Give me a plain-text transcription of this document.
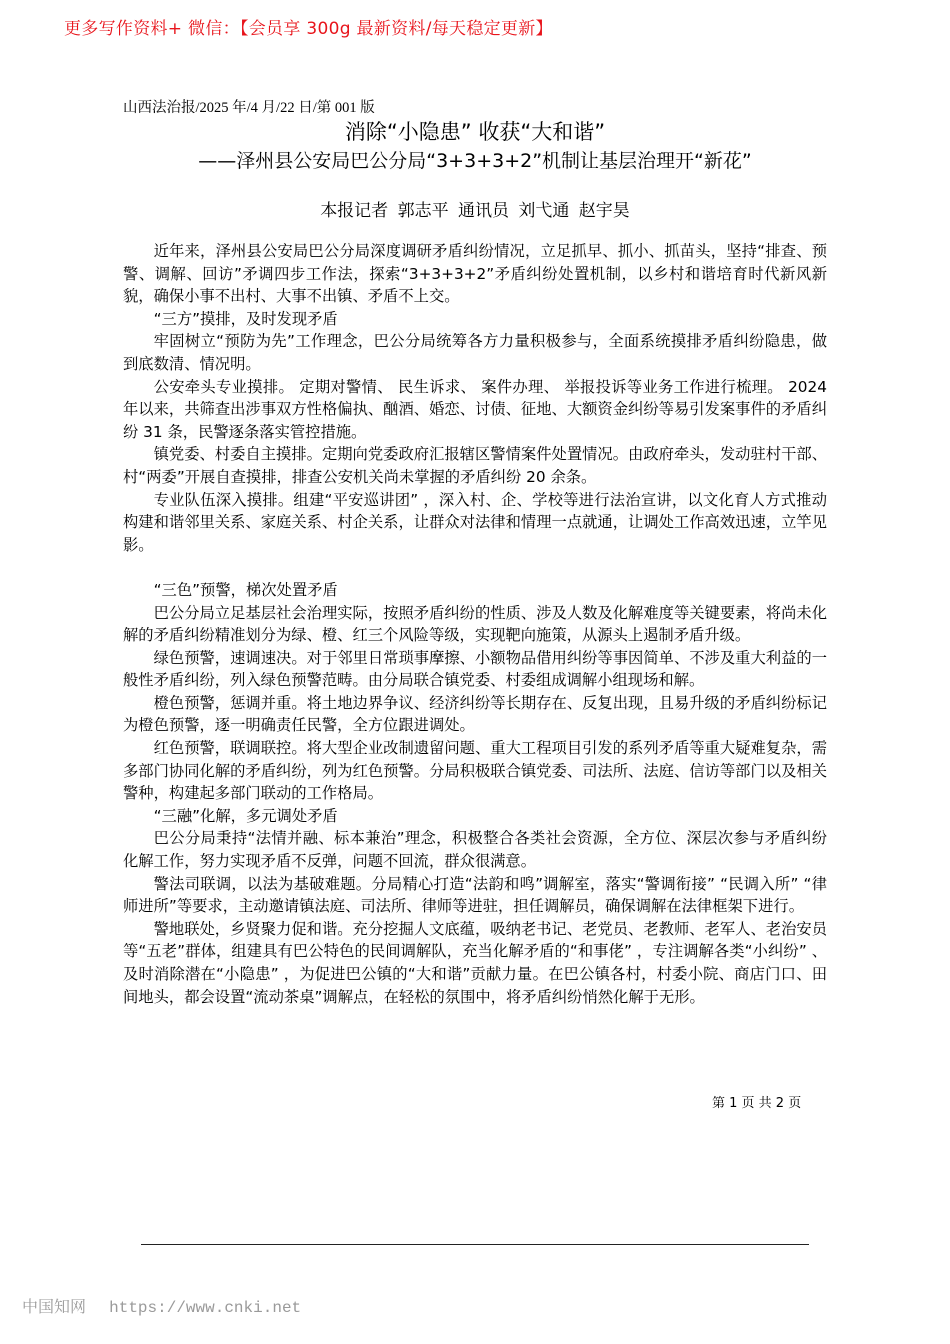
更多写作资料+ 微信：【会员享 300g 最新资料/每天稳定更新】
山西法治报/2025 年/4 月/22 日/第 001 版
消除“小隐患” 收获“大和谐”
——泽州县公安局巴公分局“3+3+3+2”机制让基层治理开“新花”
本报记者 郭志平 通讯员 刘弋通 赵宇昊

近年来，泽州县公安局巴公分局深度调研矛盾纠纷情况，立足抓早、抓小、抓苗头，坚持“排查、预警、调解、回访”矛调四步工作法，探索“3+3+3+2”矛盾纠纷处置机制，以乡村和谐培育时代新风新貌，确保小事不出村、大事不出镇、矛盾不上交。

“三方”摸排，及时发现矛盾

牢固树立“预防为先”工作理念，巴公分局统筹各方力量积极参与，全面系统摸排矛盾纠纷隐患，做到底数清、情况明。

公安牵头专业摸排。 定期对警情、 民生诉求、 案件办理、 举报投诉等业务工作进行梳理。 2024 年以来，共筛查出涉事双方性格偏执、酗酒、婚恋、讨债、征地、大额资金纠纷等易引发案事件的矛盾纠纷 31 条，民警逐条落实管控措施。

镇党委、村委自主摸排。定期向党委政府汇报辖区警情案件处置情况。由政府牵头，发动驻村干部、村“两委”开展自查摸排，排查公安机关尚未掌握的矛盾纠纷 20 余条。

专业队伍深入摸排。组建“平安巡讲团” ，深入村、企、学校等进行法治宣讲，以文化育人方式推动构建和谐邻里关系、家庭关系、村企关系，让群众对法律和情理一点就通，让调处工作高效迅速，立竿见影。

“三色”预警，梯次处置矛盾

巴公分局立足基层社会治理实际，按照矛盾纠纷的性质、涉及人数及化解难度等关键要素，将尚未化解的矛盾纠纷精准划分为绿、橙、红三个风险等级，实现靶向施策，从源头上遏制矛盾升级。

绿色预警，速调速决。对于邻里日常琐事摩擦、小额物品借用纠纷等事因简单、不涉及重大利益的一般性矛盾纠纷，列入绿色预警范畴。由分局联合镇党委、村委组成调解小组现场和解。

橙色预警，惩调并重。将土地边界争议、经济纠纷等长期存在、反复出现，且易升级的矛盾纠纷标记为橙色预警，逐一明确责任民警，全方位跟进调处。

红色预警，联调联控。将大型企业改制遗留问题、重大工程项目引发的系列矛盾等重大疑难复杂，需多部门协同化解的矛盾纠纷，列为红色预警。分局积极联合镇党委、司法所、法庭、信访等部门以及相关警种，构建起多部门联动的工作格局。

“三融”化解，多元调处矛盾

巴公分局秉持“法情并融、标本兼治”理念，积极整合各类社会资源，全方位、深层次参与矛盾纠纷化解工作，努力实现矛盾不反弹，问题不回流，群众很满意。

警法司联调，以法为基破难题。分局精心打造“法韵和鸣”调解室，落实“警调衔接” “民调入所” “律师进所”等要求，主动邀请镇法庭、司法所、律师等进驻，担任调解员，确保调解在法律框架下进行。

警地联处，乡贤聚力促和谐。充分挖掘人文底蕴，吸纳老书记、老党员、老教师、老军人、老治安员等“五老”群体，组建具有巴公特色的民间调解队，充当化解矛盾的“和事佬” ，专注调解各类“小纠纷” 、及时消除潜在“小隐患” ，为促进巴公镇的“大和谐”贡献力量。在巴公镇各村，村委小院、商店门口、田间地头，都会设置“流动茶桌”调解点，在轻松的氛围中，将矛盾纠纷悄然化解于无形。

第 1 页 共 2 页
中国知网 https://www.cnki.net
